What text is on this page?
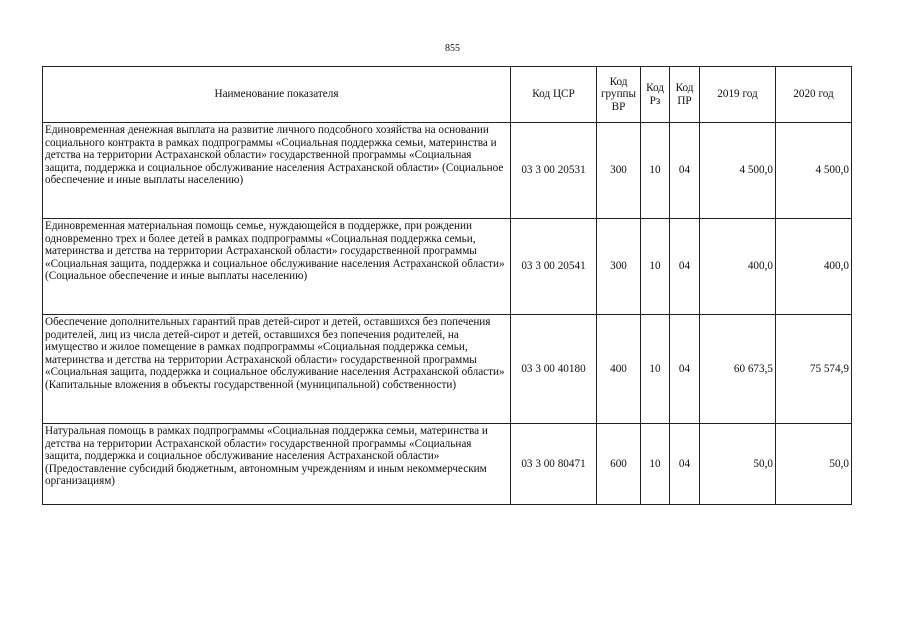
855
Наименование показателя	Код ЦСР	Код группы ВР	Код Рз	Код ПР	2019 год	2020 год
Единовременная денежная выплата на развитие личного подсобного хозяйства на основании социального контракта в рамках подпрограммы «Социальная поддержка семьи, материнства и детства на территории Астраханской области» государственной программы «Социальная защита, поддержка и социальное обслуживание населения Астраханской области» (Социальное обеспечение и иные выплаты населению)	03 3 00 20531	300	10	04	4 500,0	4 500,0
Единовременная материальная помощь семье, нуждающейся в поддержке, при рождении одновременно трех и более детей в рамках подпрограммы «Социальная поддержка семьи, материнства и детства на территории Астраханской области» государственной программы «Социальная защита, поддержка и социальное обслуживание населения Астраханской области» (Социальное обеспечение и иные выплаты населению)	03 3 00 20541	300	10	04	400,0	400,0
Обеспечение дополнительных гарантий прав детей-сирот и детей, оставшихся без попечения родителей, лиц из числа детей-сирот и детей, оставшихся без попечения родителей, на имущество и жилое помещение в рамках подпрограммы «Социальная поддержка семьи, материнства и детства на территории Астраханской области» государственной программы «Социальная защита, поддержка и социальное обслуживание населения Астраханской области» (Капитальные вложения в объекты государственной (муниципальной) собственности)	03 3 00 40180	400	10	04	60 673,5	75 574,9
Натуральная помощь в рамках подпрограммы «Социальная поддержка семьи, материнства и детства на территории Астраханской области» государственной программы «Социальная защита, поддержка и социальное обслуживание населения Астраханской области» (Предоставление субсидий бюджетным, автономным учреждениям и иным некоммерческим организациям)	03 3 00 80471	600	10	04	50,0	50,0
